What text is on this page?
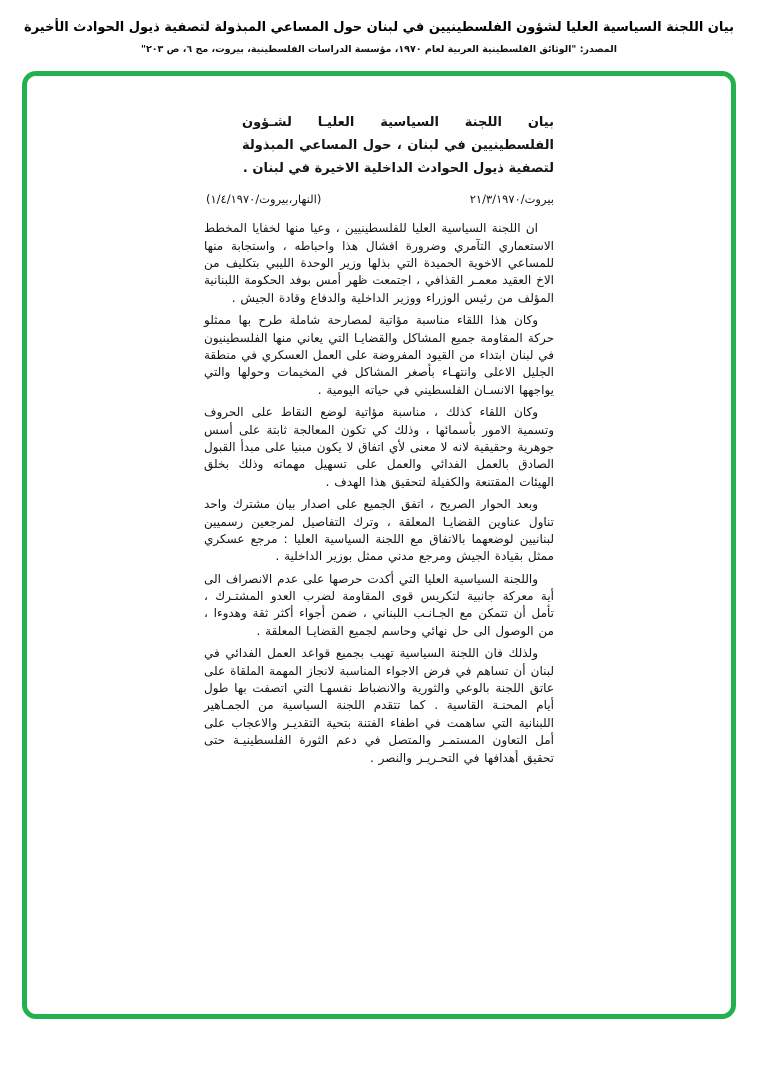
بيان اللجنة السياسية العليا لشؤون الفلسطينيين في لبنان حول المساعي المبذولة لتصفية ذيول الحوادث الأخيرة
المصدر: "الوثائق الفلسطينية العربية لعام ١٩٧٠، مؤسسة الدراسات الفلسطينية، بيروت، مج ٦، ص ٢٠٣"
بيان اللجنة السياسية العليـا لشـؤون الفلسطينيين في لبنان ، حول المساعي المبذولة لتصفية ذيول الحوادث الداخلية الاخيرة في لبنان .
بيروت/٢١/٣/١٩٧٠
(النهار،بيروت/١/٤/١٩٧٠)

ان اللجنة السياسية العليا للفلسطينيين ، وعيا منها لخفايا المخطط الاستعماري التآمري وضرورة افشال هذا واحباطه ، واستجابة منها للمساعي الاخوية الحميدة التي بذلها وزير الوحدة الليبي بتكليف من الاخ العقيد معمـر القذافي ، اجتمعت ظهر أمس بوفد الحكومة اللبنانية المؤلف من رئيس الوزراء ووزير الداخلية والدفاع وقادة الجيش .

وكان هذا اللقاء مناسبة مؤاتية لمصارحة شاملة طرح بها ممثلو حركة المقاومة جميع المشاكل والقضايـا التي يعاني منها الفلسطينيون في لبنان ابتداء من القيود المفروضة على العمل العسكري في منطقة الجليل الاعلى وانتهـاء بأصغر المشاكل في المخيمات وحولها والتي يواجهها الانسـان الفلسطيني في حياته اليومية .

وكان اللقاء كذلك ، مناسبة مؤاتية لوضع النقاط على الحروف وتسمية الامور بأسمائها ، وذلك كي تكون المعالجة ثابتة على أسس جوهرية وحقيقية لانه لا معنى لأي اتفاق لا يكون مبنيا على مبدأ القبول الصادق بالعمل الفدائي والعمل على تسهيل مهماته وذلك بخلق الهيئات المقتنعة والكفيلة لتحقيق هذا الهدف .

وبعد الحوار الصريح ، اتفق الجميع على اصدار بيان مشترك واحد تناول عناوين القضايـا المعلقة ، وترك التفاصيل لمرجعين رسميين لبنانيين لوضعهما بالاتفاق مع اللجنة السياسية العليا : مرجع عسكري ممثل بقيادة الجيش ومرجع مدني ممثل بوزير الداخلية .

واللجنة السياسية العليا التي أكدت حرصها على عدم الانصراف الى أية معركة جانبية لتكريس قوى المقاومة لضرب العدو المشتـرك ، تأمل أن تتمكن مع الجـانـب اللبناني ، ضمن أجواء أكثر ثقة وهدوءا ، من الوصول الى حل نهائي وحاسم لجميع القضايـا المعلقة .

ولذلك فان اللجنة السياسية تهيب بجميع قواعد العمل الفدائي في لبنان أن تساهم في فرض الاجواء المناسبة لانجاز المهمة الملقاة على عاتق اللجنة بالوعي والثورية والانضباط نفسهـا التي اتصفت بها طول أيام المحنـة القاسية . كما تتقدم اللجنة السياسية من الجمـاهير اللبنانية التي ساهمت في اطفاء الفتنة بتحية التقديـر والاعجاب على أمل التعاون المستمـر والمتصل في دعم الثورة الفلسطينيـة حتى تحقيق أهدافها في التحـريـر والنصر .
